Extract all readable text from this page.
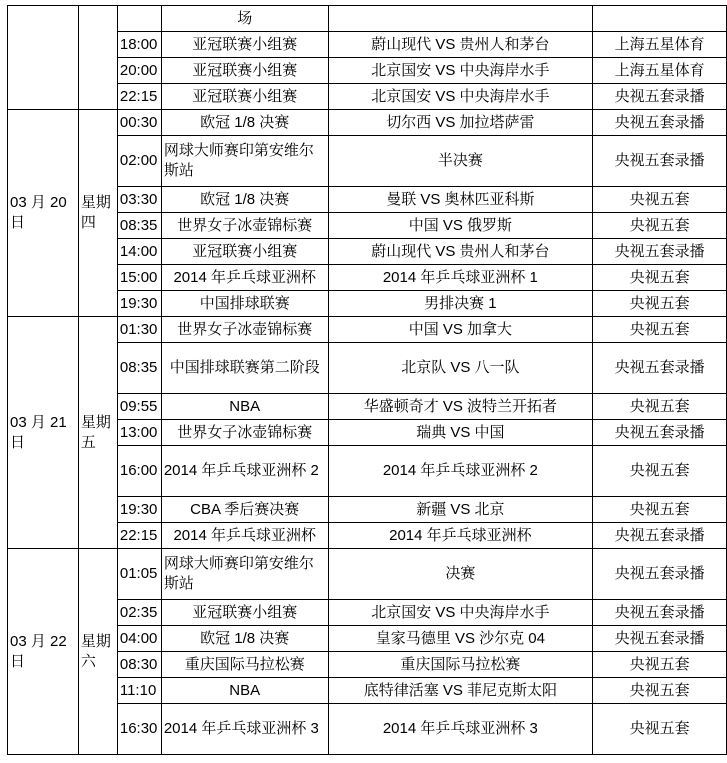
			场		
		18:00	亚冠联赛小组赛	蔚山现代 VS 贵州人和茅台	上海五星体育
		20:00	亚冠联赛小组赛	北京国安 VS 中央海岸水手	上海五星体育
		22:15	亚冠联赛小组赛	北京国安 VS 中央海岸水手	央视五套录播
03 月 20 日	星期四	00:30	欧冠 1/8 决赛	切尔西 VS 加拉塔萨雷	央视五套录播
		02:00	网球大师赛印第安维尔斯站	半决赛	央视五套录播
		03:30	欧冠 1/8 决赛	曼联 VS 奥林匹亚科斯	央视五套
		08:35	世界女子冰壶锦标赛	中国 VS 俄罗斯	央视五套
		14:00	亚冠联赛小组赛	蔚山现代 VS 贵州人和茅台	央视五套录播
		15:00	2014 年乒乓球亚洲杯	2014 年乒乓球亚洲杯 1	央视五套
		19:30	中国排球联赛	男排决赛 1	央视五套
03 月 21 日	星期五	01:30	世界女子冰壶锦标赛	中国 VS 加拿大	央视五套
		08:35	中国排球联赛第二阶段	北京队 VS 八一队	央视五套录播
		09:55	NBA	华盛顿奇才 VS 波特兰开拓者	央视五套
		13:00	世界女子冰壶锦标赛	瑞典 VS 中国	央视五套录播
		16:00	2014 年乒乓球亚洲杯 2	2014 年乒乓球亚洲杯 2	央视五套
		19:30	CBA 季后赛决赛	新疆 VS 北京	央视五套
		22:15	2014 年乒乓球亚洲杯	2014 年乒乓球亚洲杯	央视五套录播
03 月 22 日	星期六	01:05	网球大师赛印第安维尔斯站	决赛	央视五套录播
		02:35	亚冠联赛小组赛	北京国安 VS 中央海岸水手	央视五套录播
		04:00	欧冠 1/8 决赛	皇家马德里 VS 沙尔克 04	央视五套录播
		08:30	重庆国际马拉松赛	重庆国际马拉松赛	央视五套
		11:10	NBA	底特律活塞 VS 菲尼克斯太阳	央视五套
		16:30	2014 年乒乓球亚洲杯 3	2014 年乒乓球亚洲杯 3	央视五套
